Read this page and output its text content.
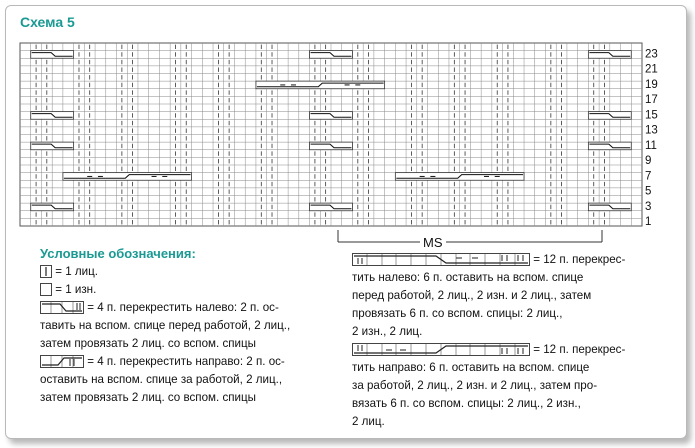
Схема 5
23
21
19
17
15
13
11
9
7
5
3
1
MS
Условные обозначения:
= 1 лиц.
= 1 изн.
= 4 п. перекрестить налево: 2 п. ос-
тавить на вспом. спице перед работой, 2 лиц.,
затем провязать 2 лиц. со вспом. спицы
= 4 п. перекрестить направо: 2 п. ос-
оставить на вспом. спице за работой, 2 лиц.,
затем провязать 2 лиц. со вспом. спицы
= 12 п. перекрес-
тить налево: 6 п. оставить на вспом. спице
перед работой, 2 лиц., 2 изн. и 2 лиц., затем
провязать 6 п. со вспом. спицы: 2 лиц.,
2 изн., 2 лиц.
= 12 п. перекрес-
тить направо: 6 п. оставить на вспом. спице
за работой, 2 лиц., 2 изн. и 2 лиц., затем про-
вязать 6 п. со вспом. спицы: 2 лиц., 2 изн.,
2 лиц.
